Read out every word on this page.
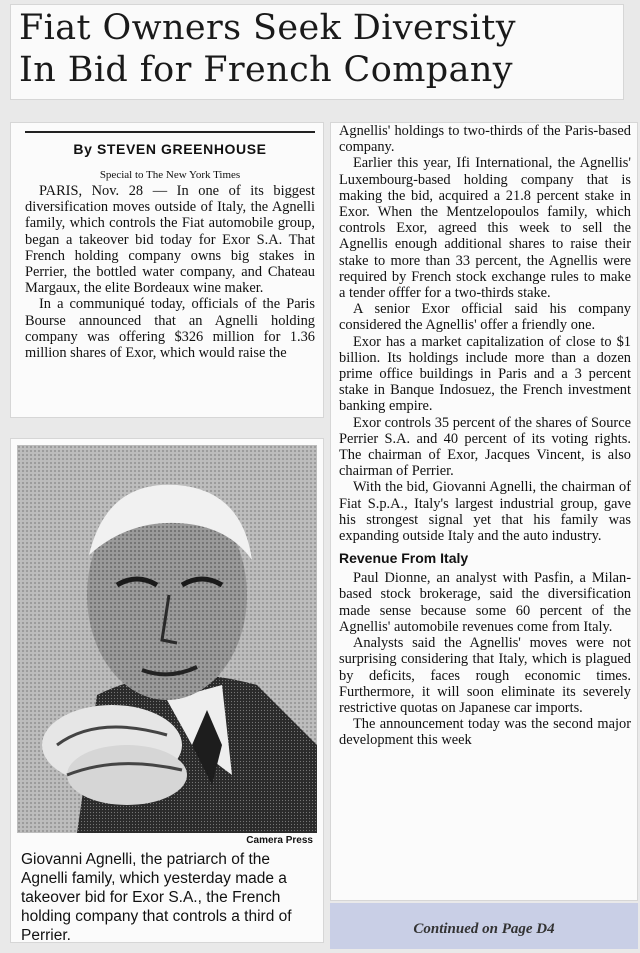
Fiat Owners Seek Diversity
In Bid for French Company
By STEVEN GREENHOUSE
Special to The New York Times

PARIS, Nov. 28 — In one of its biggest diversification moves outside of Italy, the Agnelli family, which controls the Fiat automobile group, began a takeover bid today for Exor S.A. That French holding company owns big stakes in Perrier, the bottled water company, and Chateau Margaux, the elite Bordeaux wine maker.

In a communiqué today, officials of the Paris Bourse announced that an Agnelli holding company was offering $326 million for 1.36 million shares of Exor, which would raise the

Camera Press

Giovanni Agnelli, the patriarch of the Agnelli family, which yesterday made a takeover bid for Exor S.A., the French holding company that controls a third of Perrier.

Agnellis' holdings to two-thirds of the Paris-based company.

Earlier this year, Ifi International, the Agnellis' Luxembourg-based holding company that is making the bid, acquired a 21.8 percent stake in Exor. When the Mentzelopoulos family, which controls Exor, agreed this week to sell the Agnellis enough additional shares to raise their stake to more than 33 percent, the Agnellis were required by French stock exchange rules to make a tender offfer for a two-thirds stake.

A senior Exor official said his company considered the Agnellis' offer a friendly one.

Exor has a market capitalization of close to $1 billion. Its holdings include more than a dozen prime office buildings in Paris and a 3 percent stake in Banque Indosuez, the French investment banking empire.

Exor controls 35 percent of the shares of Source Perrier S.A. and 40 percent of its voting rights. The chairman of Exor, Jacques Vincent, is also chairman of Perrier.

With the bid, Giovanni Agnelli, the chairman of Fiat S.p.A., Italy's largest industrial group, gave his strongest signal yet that his family was expanding outside Italy and the auto industry.

Revenue From Italy

Paul Dionne, an analyst with Pasfin, a Milan-based stock brokerage, said the diversification made sense because some 60 percent of the Agnellis' automobile revenues come from Italy.

Analysts said the Agnellis' moves were not surprising considering that Italy, which is plagued by deficits, faces rough economic times. Furthermore, it will soon eliminate its severely restrictive quotas on Japanese car imports.

The announcement today was the second major development this week

Continued on Page D4
